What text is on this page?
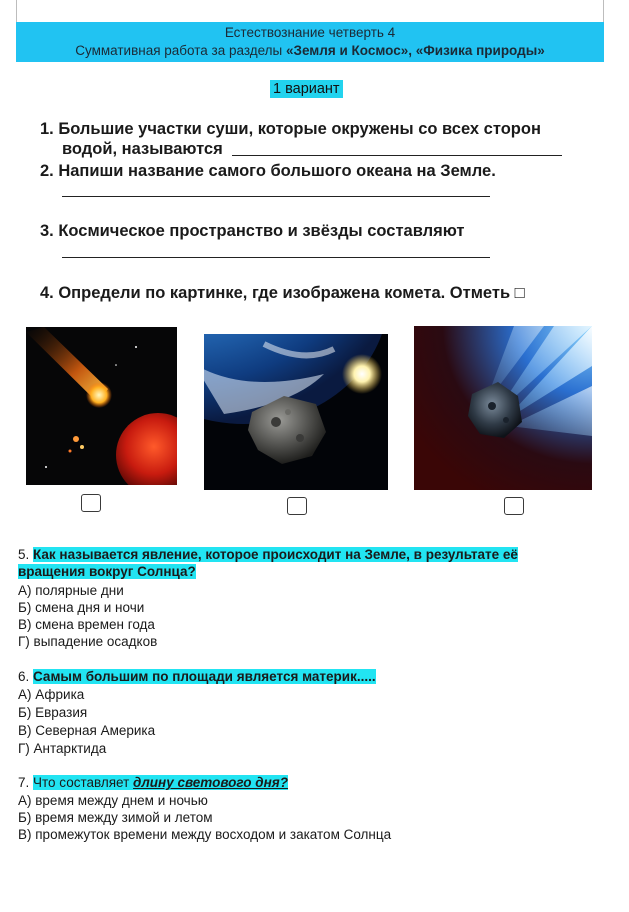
Естествознание четверть 4
Суммативная работа за разделы «Земля и Космос», «Физика природы»
1 вариант
1. Большие участки суши, которые окружены со всех сторон
водой, называются
2. Напиши название самого большого океана на Земле.
3. Космическое пространство и звёзды составляют
4. Определи по картинке, где изображена комета. Отметь □
5. Как называется явление, которое происходит на Земле, в результате её
вращения вокруг Солнца?
А) полярные дни
Б) смена дня и ночи
В) смена времен года
Г) выпадение осадков
6. Самым большим по площади является материк.....
А) Африка
Б) Евразия
В) Северная Америка
Г) Антарктида
7. Что составляет длину светового дня?
А) время между днем и ночью
Б) время между зимой и летом
В) промежуток времени между восходом и закатом Солнца
